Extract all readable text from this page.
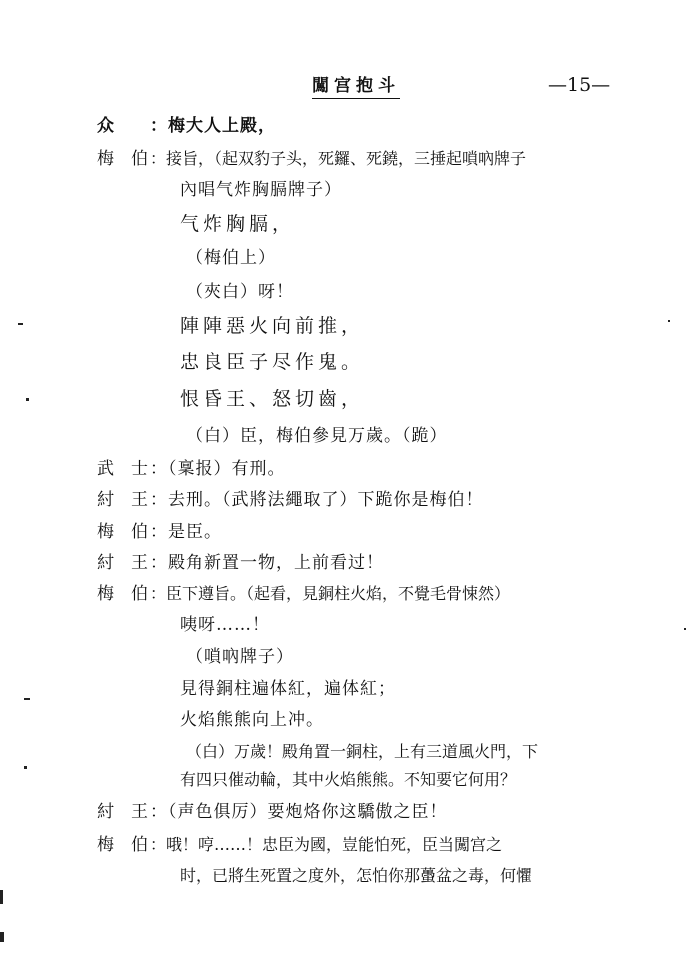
闖宫抱斗	—15—
众 ：梅大人上殿，
梅　伯 ：接旨，（起双豹子头，死鑼、死鐃，三捶起嗩吶牌子
內唱气炸胸膈牌子）
气炸胸膈，
（梅伯上）
（夾白）呀！
陣陣惡火向前推，
忠良臣子尽作鬼。
恨昏王、怒切齒，
（白）臣，梅伯參見万歲。（跪）
武　士 ：（稟报）有刑。
紂　王 ：去刑。（武將法繩取了）下跪你是梅伯！
梅　伯 ：是臣。
紂　王 ：殿角新置一物，上前看过！
梅　伯 ：臣下遵旨。（起看，見銅柱火焰，不覺毛骨悚然）
咦呀……！
（嗩吶牌子）
見得銅柱遍体紅，遍体紅；
火焰熊熊向上冲。
（白）万歲！殿角置一銅柱，上有三道風火門，下
有四只催动輪，其中火焰熊熊。不知要它何用？
紂　王 ：（声色俱厉）要炮烙你这驕傲之臣！
梅　伯 ：哦！哼……！忠臣为國，豈能怕死，臣当闖宫之
时，已將生死置之度外，怎怕你那蠆盆之毒，何懼
